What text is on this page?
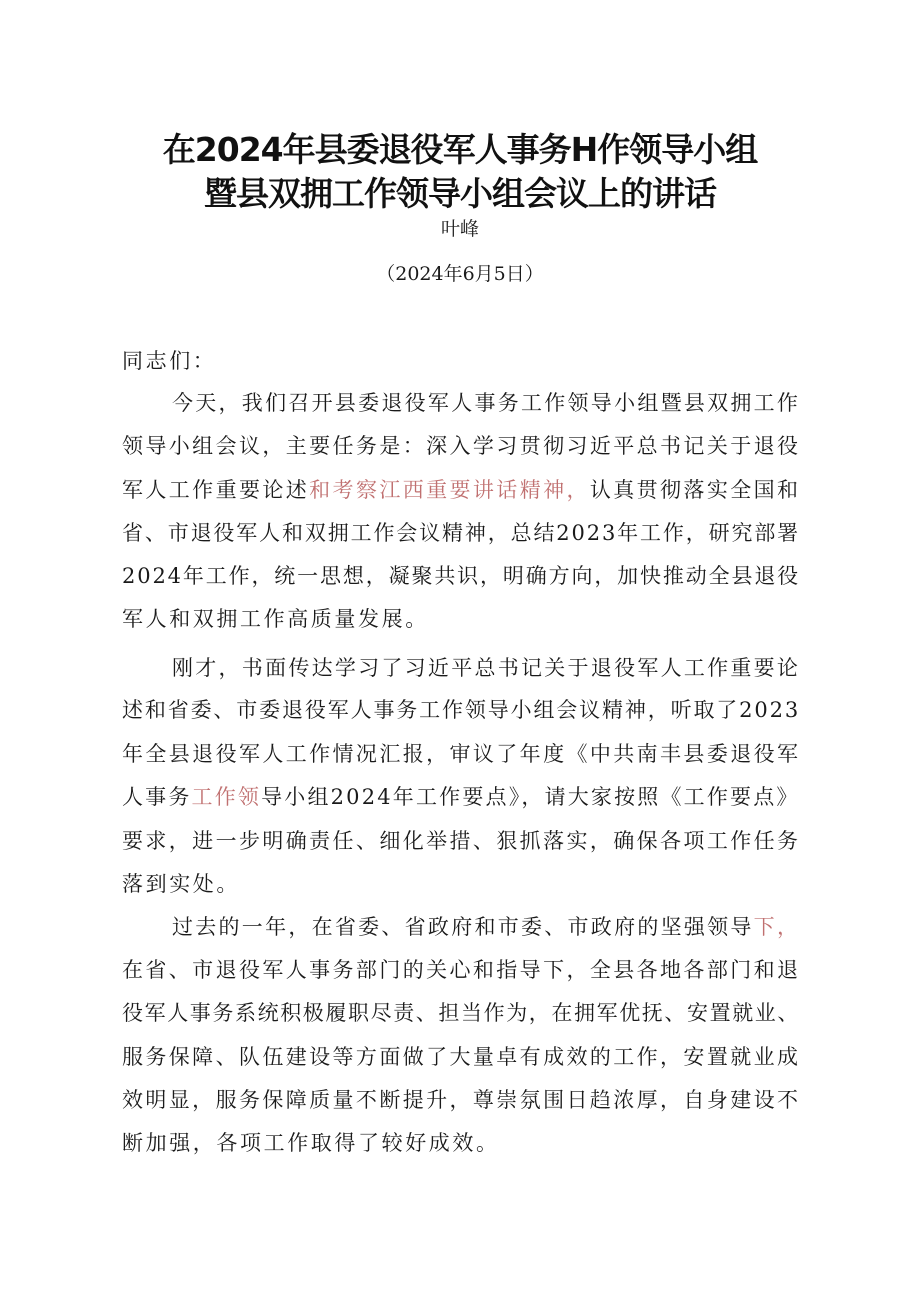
在2024年县委退役军人事务H作领导小组
暨县双拥工作领导小组会议上的讲话
叶峰
（2024年6月5日）
同志们：
今天，我们召开县委退役军人事务工作领导小组暨县双拥工作
领导小组会议，主要任务是：深入学习贯彻习近平总书记关于退役
军人工作重要论述和考察江西重要讲话精神，认真贯彻落实全国和
省、市退役军人和双拥工作会议精神，总结2023年工作，研究部署
2024年工作，统一思想，凝聚共识，明确方向，加快推动全县退役
军人和双拥工作高质量发展。
刚才，书面传达学习了习近平总书记关于退役军人工作重要论
述和省委、市委退役军人事务工作领导小组会议精神，听取了2023
年全县退役军人工作情况汇报，审议了年度《中共南丰县委退役军
人事务工作领导小组2024年工作要点》，请大家按照《工作要点》
要求，进一步明确责任、细化举措、狠抓落实，确保各项工作任务
落到实处。
过去的一年，在省委、省政府和市委、市政府的坚强领导下，
在省、市退役军人事务部门的关心和指导下，全县各地各部门和退
役军人事务系统积极履职尽责、担当作为，在拥军优抚、安置就业、
服务保障、队伍建设等方面做了大量卓有成效的工作，安置就业成
效明显，服务保障质量不断提升，尊崇氛围日趋浓厚，自身建设不
断加强，各项工作取得了较好成效。
